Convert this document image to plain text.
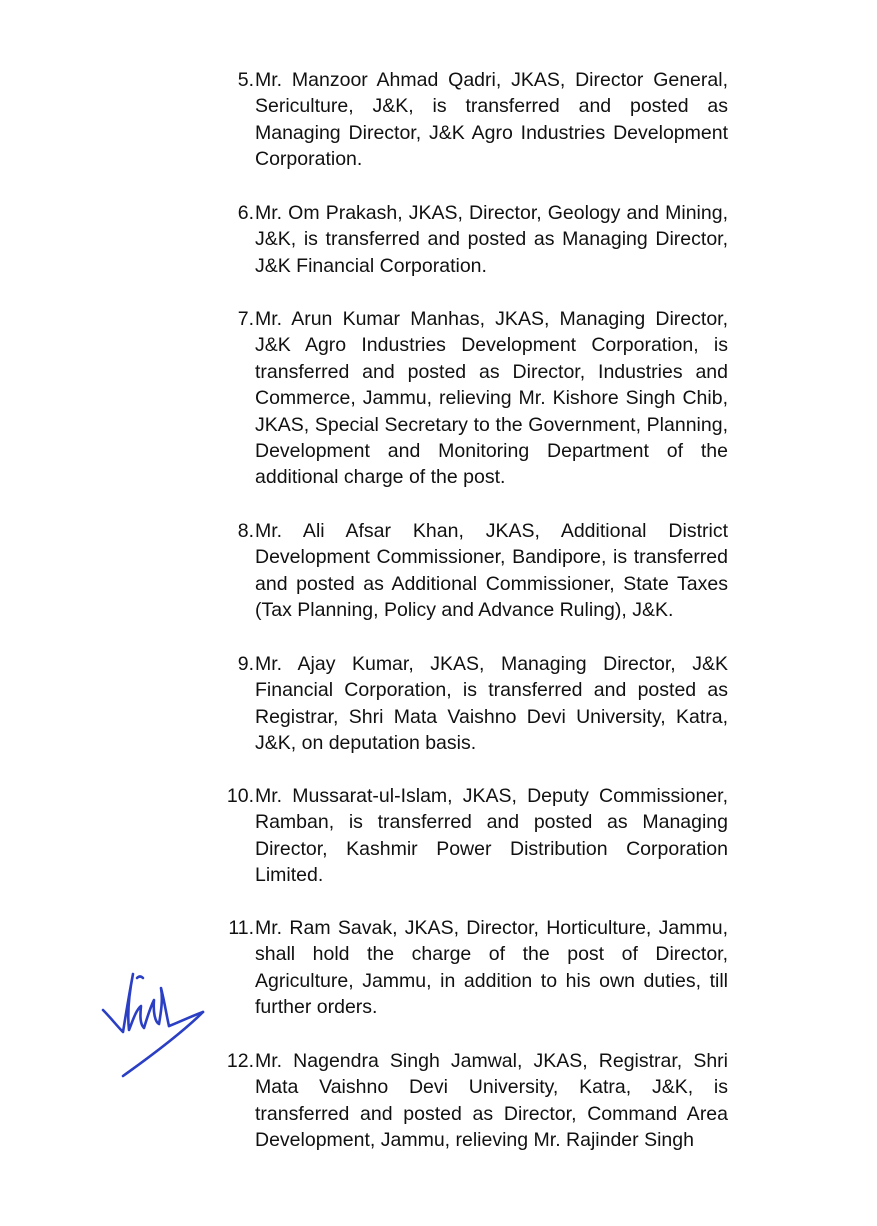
5. Mr. Manzoor Ahmad Qadri, JKAS, Director General, Sericulture, J&K, is transferred and posted as Managing Director, J&K Agro Industries Development Corporation.
6. Mr. Om Prakash, JKAS, Director, Geology and Mining, J&K, is transferred and posted as Managing Director, J&K Financial Corporation.
7. Mr. Arun Kumar Manhas, JKAS, Managing Director, J&K Agro Industries Development Corporation, is transferred and posted as Director, Industries and Commerce, Jammu, relieving Mr. Kishore Singh Chib, JKAS, Special Secretary to the Government, Planning, Development and Monitoring Department of the additional charge of the post.
8. Mr. Ali Afsar Khan, JKAS, Additional District Development Commissioner, Bandipore, is transferred and posted as Additional Commissioner, State Taxes (Tax Planning, Policy and Advance Ruling), J&K.
9. Mr. Ajay Kumar, JKAS, Managing Director, J&K Financial Corporation, is transferred and posted as Registrar, Shri Mata Vaishno Devi University, Katra, J&K, on deputation basis.
10. Mr. Mussarat-ul-Islam, JKAS, Deputy Commissioner, Ramban, is transferred and posted as Managing Director, Kashmir Power Distribution Corporation Limited.
11. Mr. Ram Savak, JKAS, Director, Horticulture, Jammu, shall hold the charge of the post of Director, Agriculture, Jammu, in addition to his own duties, till further orders.
12. Mr. Nagendra Singh Jamwal, JKAS, Registrar, Shri Mata Vaishno Devi University, Katra, J&K, is transferred and posted as Director, Command Area Development, Jammu, relieving Mr. Rajinder Singh
